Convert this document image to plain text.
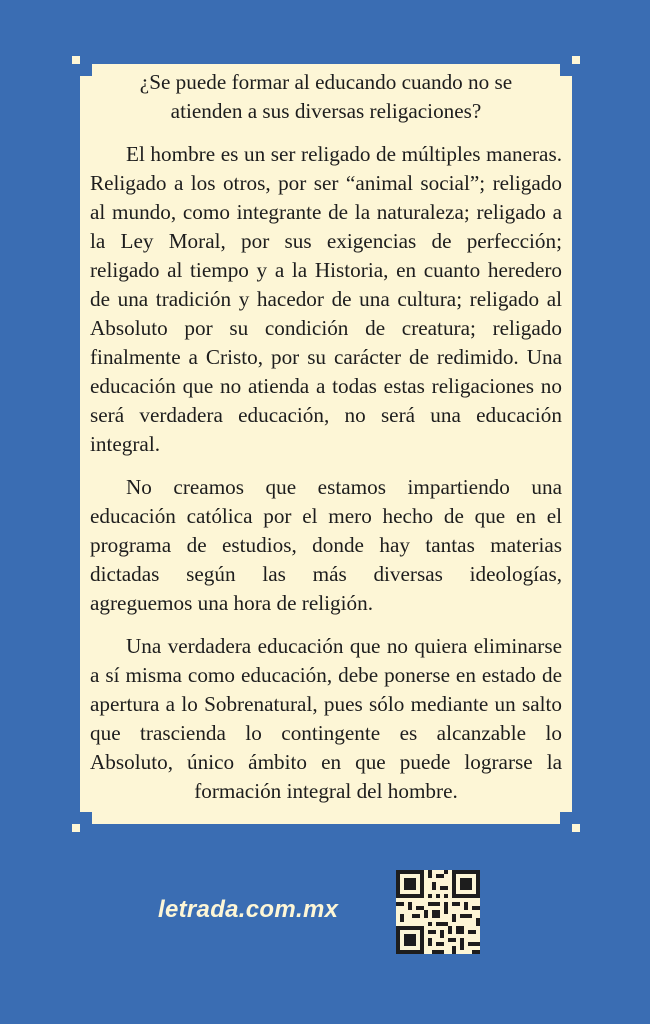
¿Se puede formar al educando cuando no se atienden a sus diversas religaciones?

El hombre es un ser religado de múltiples maneras. Religado a los otros, por ser “animal social”; religado al mundo, como integrante de la naturaleza; religado a la Ley Moral, por sus exigencias de perfección; religado al tiempo y a la Historia, en cuanto heredero de una tradición y hacedor de una cultura; religado al Absoluto por su condición de creatura; religado finalmente a Cristo, por su carácter de redimido. Una educación que no atienda a todas estas religaciones no será verdadera educación, no será una educación integral.

No creamos que estamos impartiendo una educación católica por el mero hecho de que en el programa de estudios, donde hay tantas materias dictadas según las más diversas ideologías, agreguemos una hora de religión.

Una verdadera educación que no quiera eliminarse a sí misma como educación, debe ponerse en estado de apertura a lo Sobrenatural, pues sólo mediante un salto que trascienda lo contingente es alcanzable lo Absoluto, único ámbito en que puede lograrse la formación integral del hombre.

letrada.com.mx
